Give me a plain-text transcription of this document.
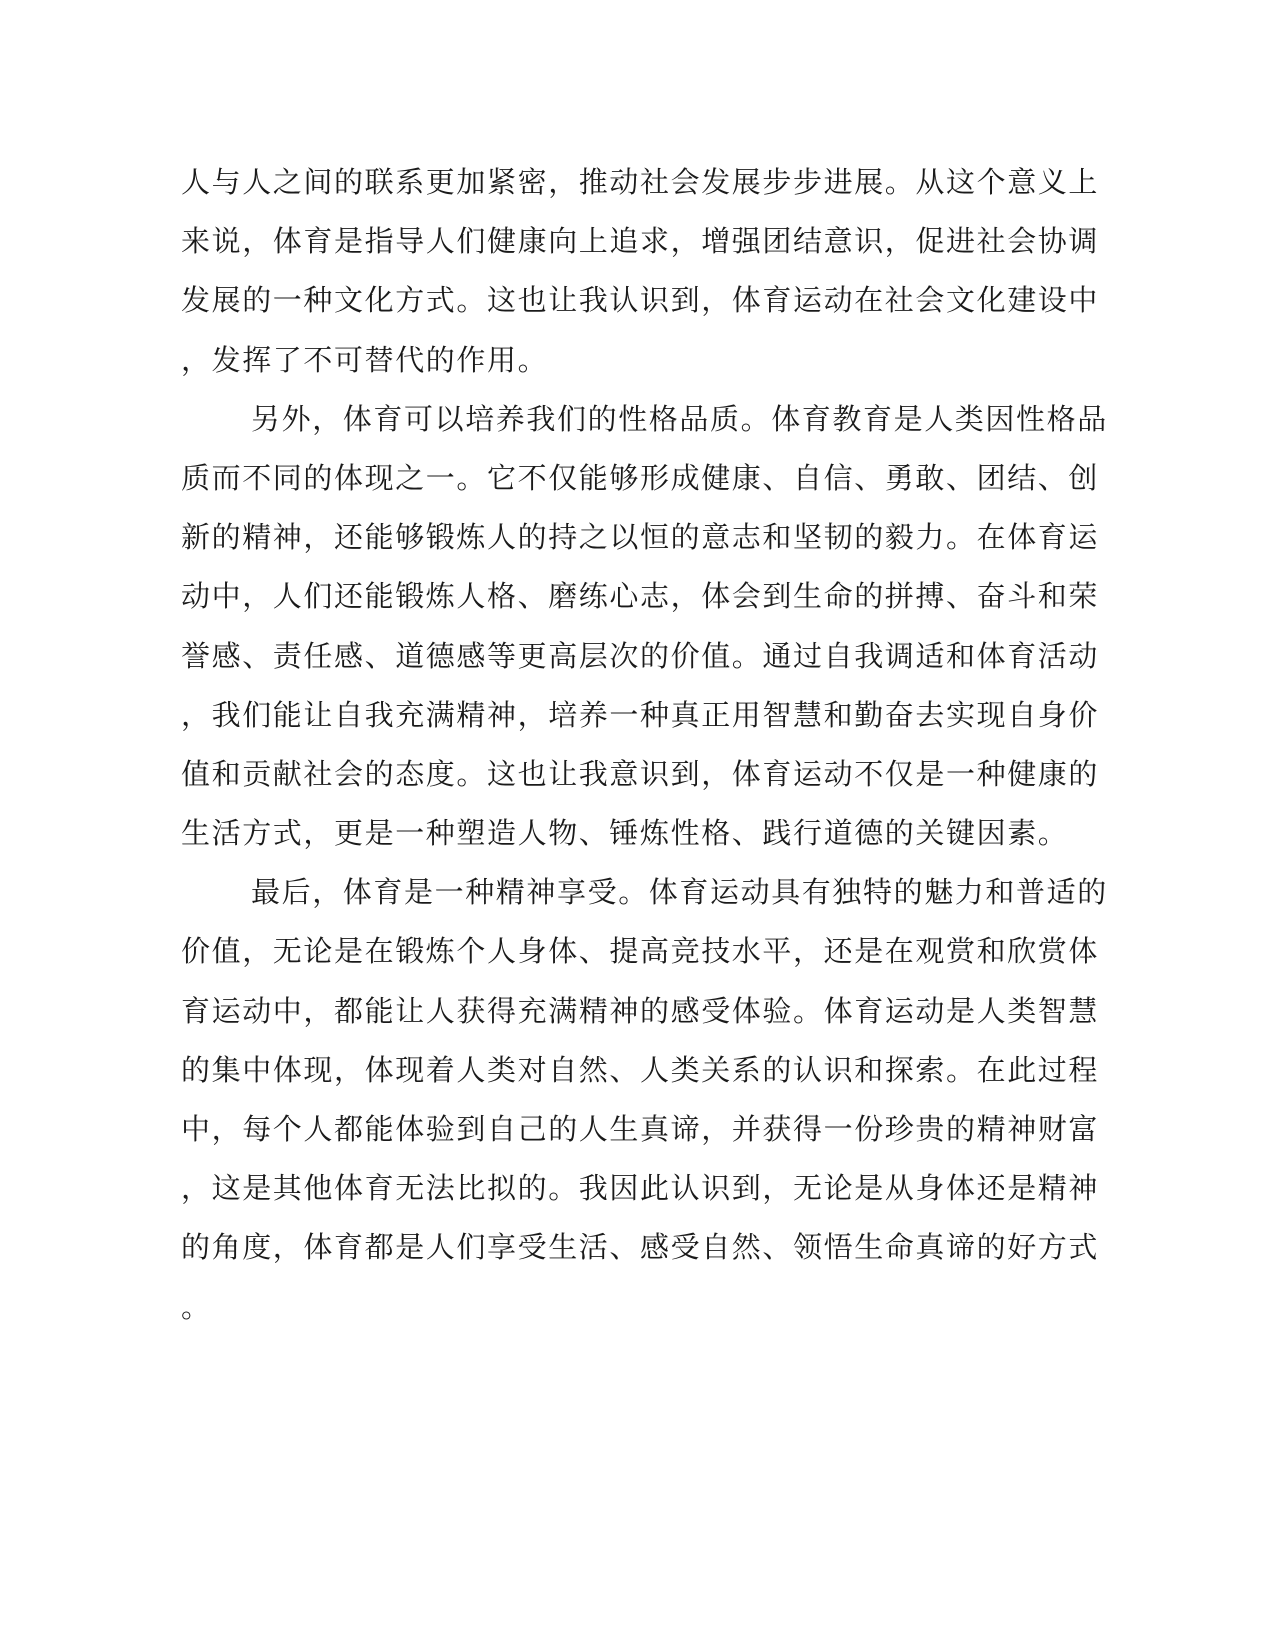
人与人之间的联系更加紧密，推动社会发展步步进展。从这个意义上
来说，体育是指导人们健康向上追求，增强团结意识，促进社会协调
发展的一种文化方式。这也让我认识到，体育运动在社会文化建设中
，发挥了不可替代的作用。
另外，体育可以培养我们的性格品质。体育教育是人类因性格品
质而不同的体现之一。它不仅能够形成健康、自信、勇敢、团结、创
新的精神，还能够锻炼人的持之以恒的意志和坚韧的毅力。在体育运
动中，人们还能锻炼人格、磨练心志，体会到生命的拼搏、奋斗和荣
誉感、责任感、道德感等更高层次的价值。通过自我调适和体育活动
，我们能让自我充满精神，培养一种真正用智慧和勤奋去实现自身价
值和贡献社会的态度。这也让我意识到，体育运动不仅是一种健康的
生活方式，更是一种塑造人物、锤炼性格、践行道德的关键因素。
最后，体育是一种精神享受。体育运动具有独特的魅力和普适的
价值，无论是在锻炼个人身体、提高竞技水平，还是在观赏和欣赏体
育运动中，都能让人获得充满精神的感受体验。体育运动是人类智慧
的集中体现，体现着人类对自然、人类关系的认识和探索。在此过程
中，每个人都能体验到自己的人生真谛，并获得一份珍贵的精神财富
，这是其他体育无法比拟的。我因此认识到，无论是从身体还是精神
的角度，体育都是人们享受生活、感受自然、领悟生命真谛的好方式
。
